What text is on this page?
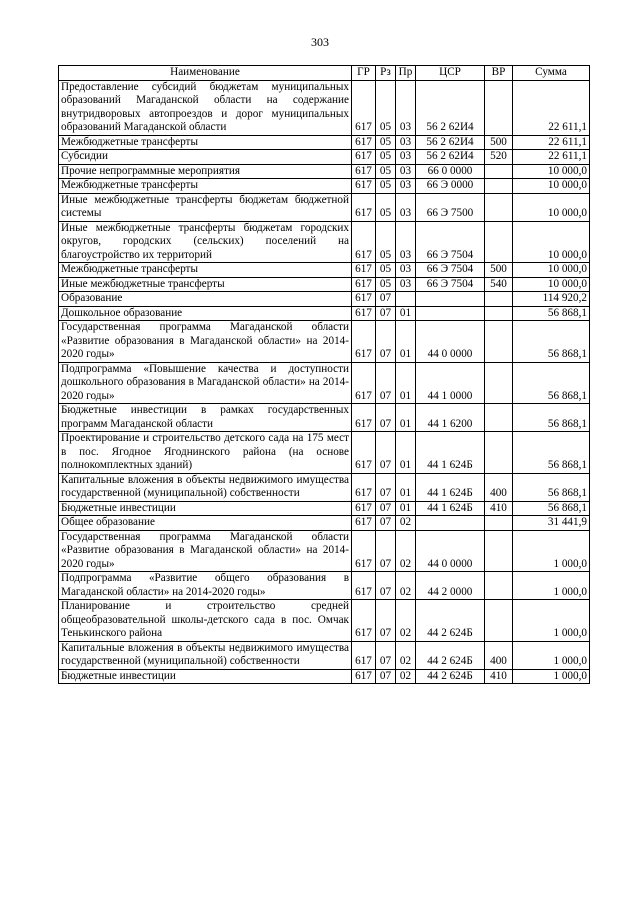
303
Наименование	ГР	Рз	Пр	ЦСР	ВР	Сумма
Предоставление субсидий бюджетам муниципальных образований Магаданской области на содержание внутридворовых автопроездов и дорог муниципальных образований Магаданской области	617	05	03	56 2 62И4		22 611,1
Межбюджетные трансферты	617	05	03	56 2 62И4	500	22 611,1
Субсидии	617	05	03	56 2 62И4	520	22 611,1
Прочие непрограммные мероприятия	617	05	03	66 0 0000		10 000,0
Межбюджетные трансферты	617	05	03	66 Э 0000		10 000,0
Иные межбюджетные трансферты бюджетам бюджетной системы	617	05	03	66 Э 7500		10 000,0
Иные межбюджетные трансферты бюджетам городских округов, городских (сельских) поселений на благоустройство их территорий	617	05	03	66 Э 7504		10 000,0
Межбюджетные трансферты	617	05	03	66 Э 7504	500	10 000,0
Иные межбюджетные трансферты	617	05	03	66 Э 7504	540	10 000,0
Образование	617	07				114 920,2
Дошкольное образование	617	07	01			56 868,1
Государственная программа Магаданской области «Развитие образования в Магаданской области» на 2014-2020 годы»	617	07	01	44 0 0000		56 868,1
Подпрограмма «Повышение качества и доступности дошкольного образования в Магаданской области» на 2014-2020 годы»	617	07	01	44 1 0000		56 868,1
Бюджетные инвестиции в рамках государственных программ Магаданской области	617	07	01	44 1 6200		56 868,1
Проектирование и строительство детского сада на 175 мест в пос. Ягодное Ягоднинского района (на основе полнокомплектных зданий)	617	07	01	44 1 624Б		56 868,1
Капитальные вложения в объекты недвижимого имущества государственной (муниципальной) собственности	617	07	01	44 1 624Б	400	56 868,1
Бюджетные инвестиции	617	07	01	44 1 624Б	410	56 868,1
Общее образование	617	07	02			31 441,9
Государственная программа Магаданской области «Развитие образования в Магаданской области» на 2014-2020 годы»	617	07	02	44 0 0000		1 000,0
Подпрограмма «Развитие общего образования в Магаданской области» на 2014-2020 годы»	617	07	02	44 2 0000		1 000,0
Планирование и строительство средней общеобразовательной школы-детского сада в пос. Омчак Тенькинского района	617	07	02	44 2 624Б		1 000,0
Капитальные вложения в объекты недвижимого имущества государственной (муниципальной) собственности	617	07	02	44 2 624Б	400	1 000,0
Бюджетные инвестиции	617	07	02	44 2 624Б	410	1 000,0
